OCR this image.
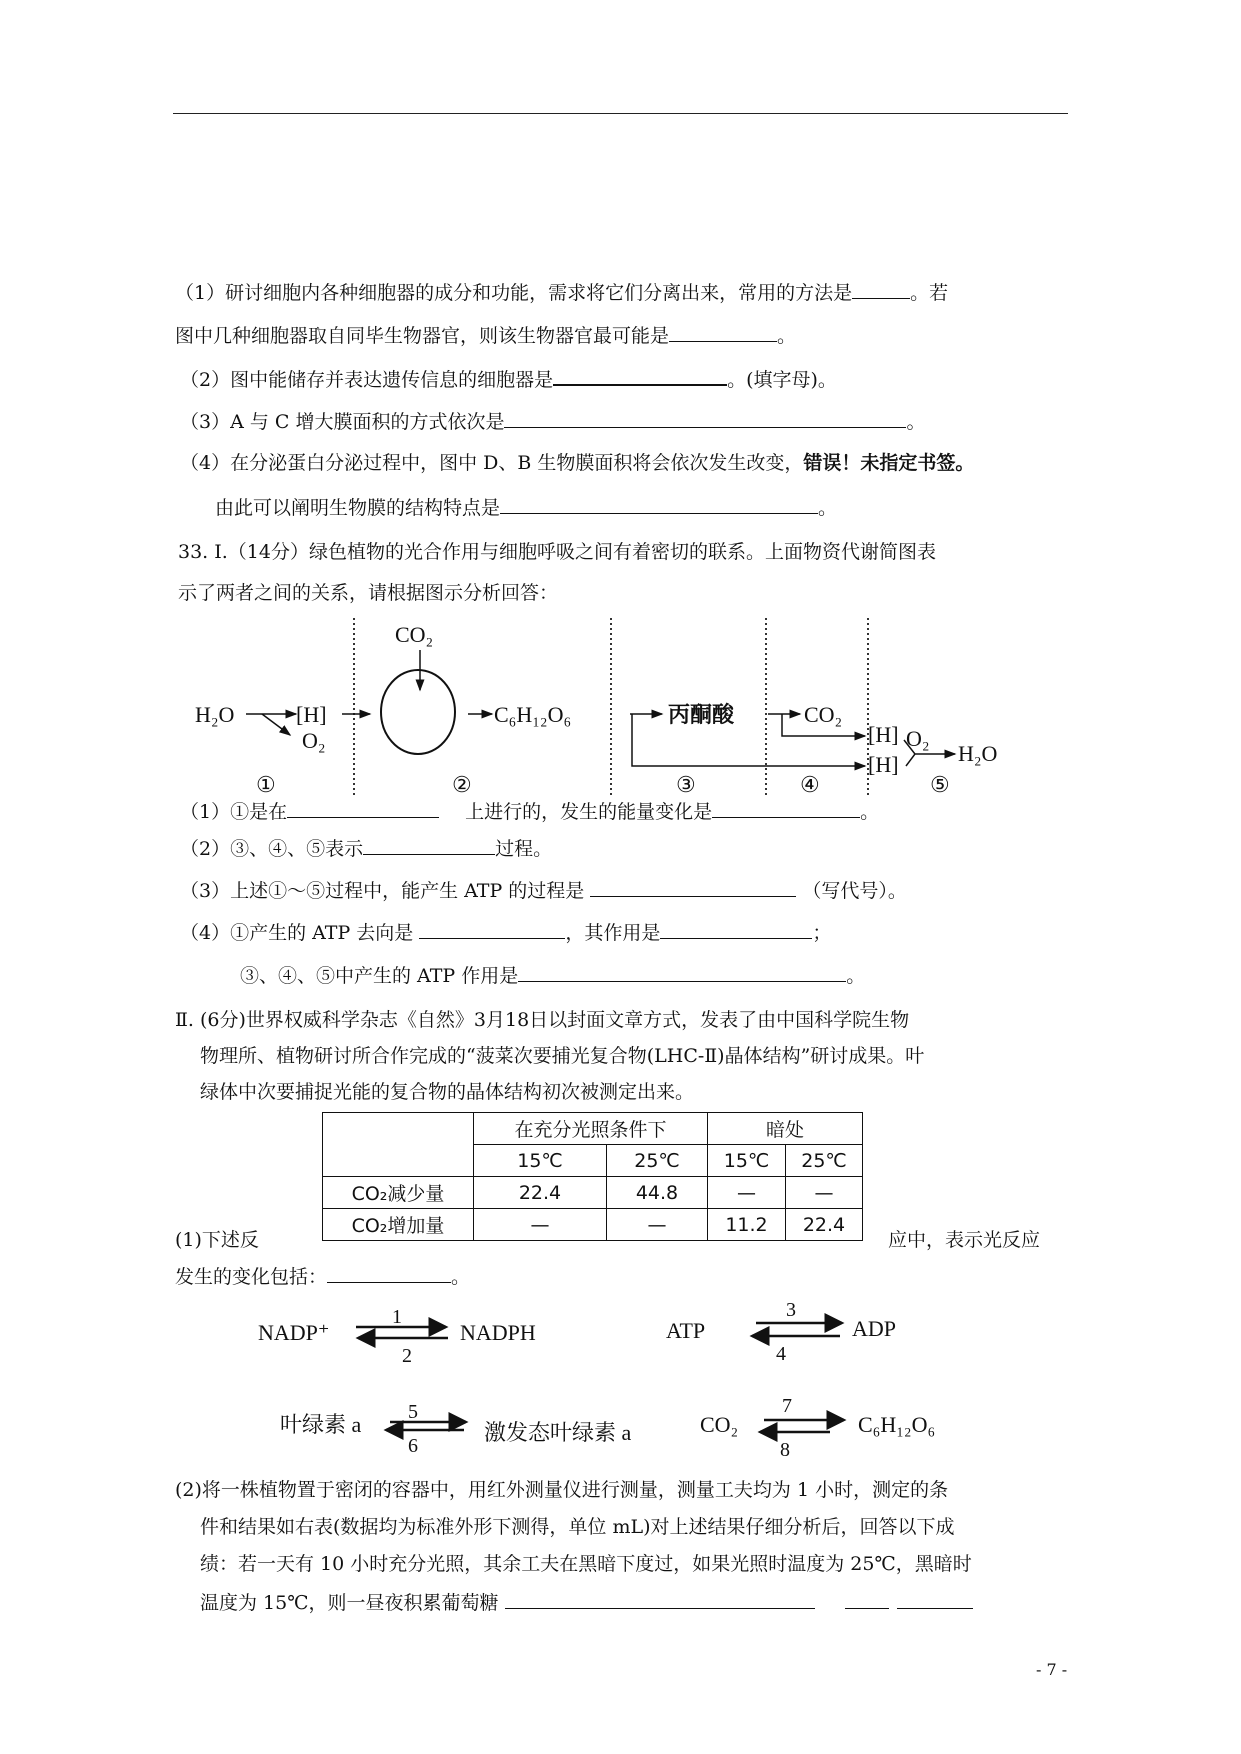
（1）研讨细胞内各种细胞器的成分和功能，需求将它们分离出来，常用的方法是	。若
图中几种细胞器取自同毕生物器官，则该生物器官最可能是	。
（2）图中能储存并表达遗传信息的细胞器是	。(填字母)。
（3）A 与 C 增大膜面积的方式依次是	。
（4）在分泌蛋白分泌过程中，图中 D、B 生物膜面积将会依次发生改变，错误！未指定书签。
由此可以阐明生物膜的结构特点是	。
33. Ⅰ.（14分）绿色植物的光合作用与细胞呼吸之间有着密切的联系。上面物资代谢简图表
示了两者之间的关系，请根据图示分析回答：
H₂O	[H]
O₂
CO₂
C₆H₁₂O₆	丙酮酸	CO₂
[H] O₂
[H]	H₂O
①	②	③	④	⑤
（1）①是在	上进行的，发生的能量变化是	。
（2）③、④、⑤表示	过程。
（3）上述①～⑤过程中，能产生 ATP 的过程是	（写代号）。
（4）①产生的 ATP 去向是	，其作用是	；
③、④、⑤中产生的 ATP 作用是	。
Ⅱ. (6分)世界权威科学杂志《自然》3月18日以封面文章方式，发表了由中国科学院生物
物理所、植物研讨所合作完成的“菠菜次要捕光复合物(LHC-Ⅱ)晶体结构”研讨成果。叶
绿体中次要捕捉光能的复合物的晶体结构初次被测定出来。
	在充分光照条件下		暗处	
	15℃	25℃	15℃	25℃
CO₂减少量	22.4	44.8	—	—
CO₂增加量	—	—	11.2	22.4
(1)下述反	应中，表示光反应
发生的变化包括：	。
NADP⁺
1
2
NADPH	ATP
3
4
ADP
叶绿素 a 5
6
激发态叶绿素 a	CO₂
7
8
C₆H₁₂O₆
(2)将一株植物置于密闭的容器中，用红外测量仪进行测量，测量工夫均为 1 小时，测定的条
件和结果如右表(数据均为标准外形下测得，单位 mL)对上述结果仔细分析后，回答以下成
绩：若一天有 10 小时充分光照，其余工夫在黑暗下度过，如果光照时温度为 25℃，黑暗时
温度为 15℃，则一昼夜积累葡萄糖
- 7 -
